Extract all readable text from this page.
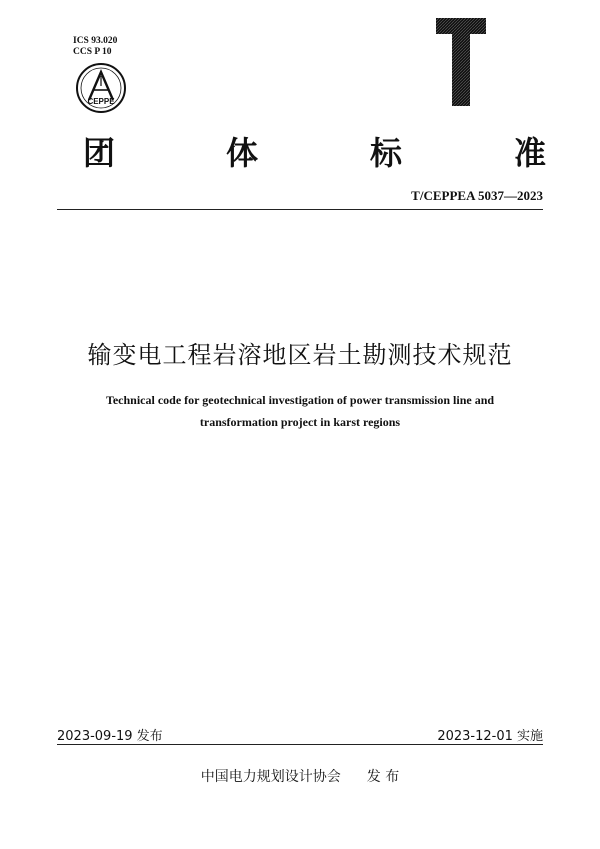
ICS 93.020
CCS P 10
CEPPE
团	体	标	准
T/CEPPEA 5037—2023
输变电工程岩溶地区岩土勘测技术规范
Technical code for geotechnical investigation of power transmission line and
transformation project in karst regions
2023-09-19 发布	2023-12-01 实施
中国电力规划设计协会 发 布
